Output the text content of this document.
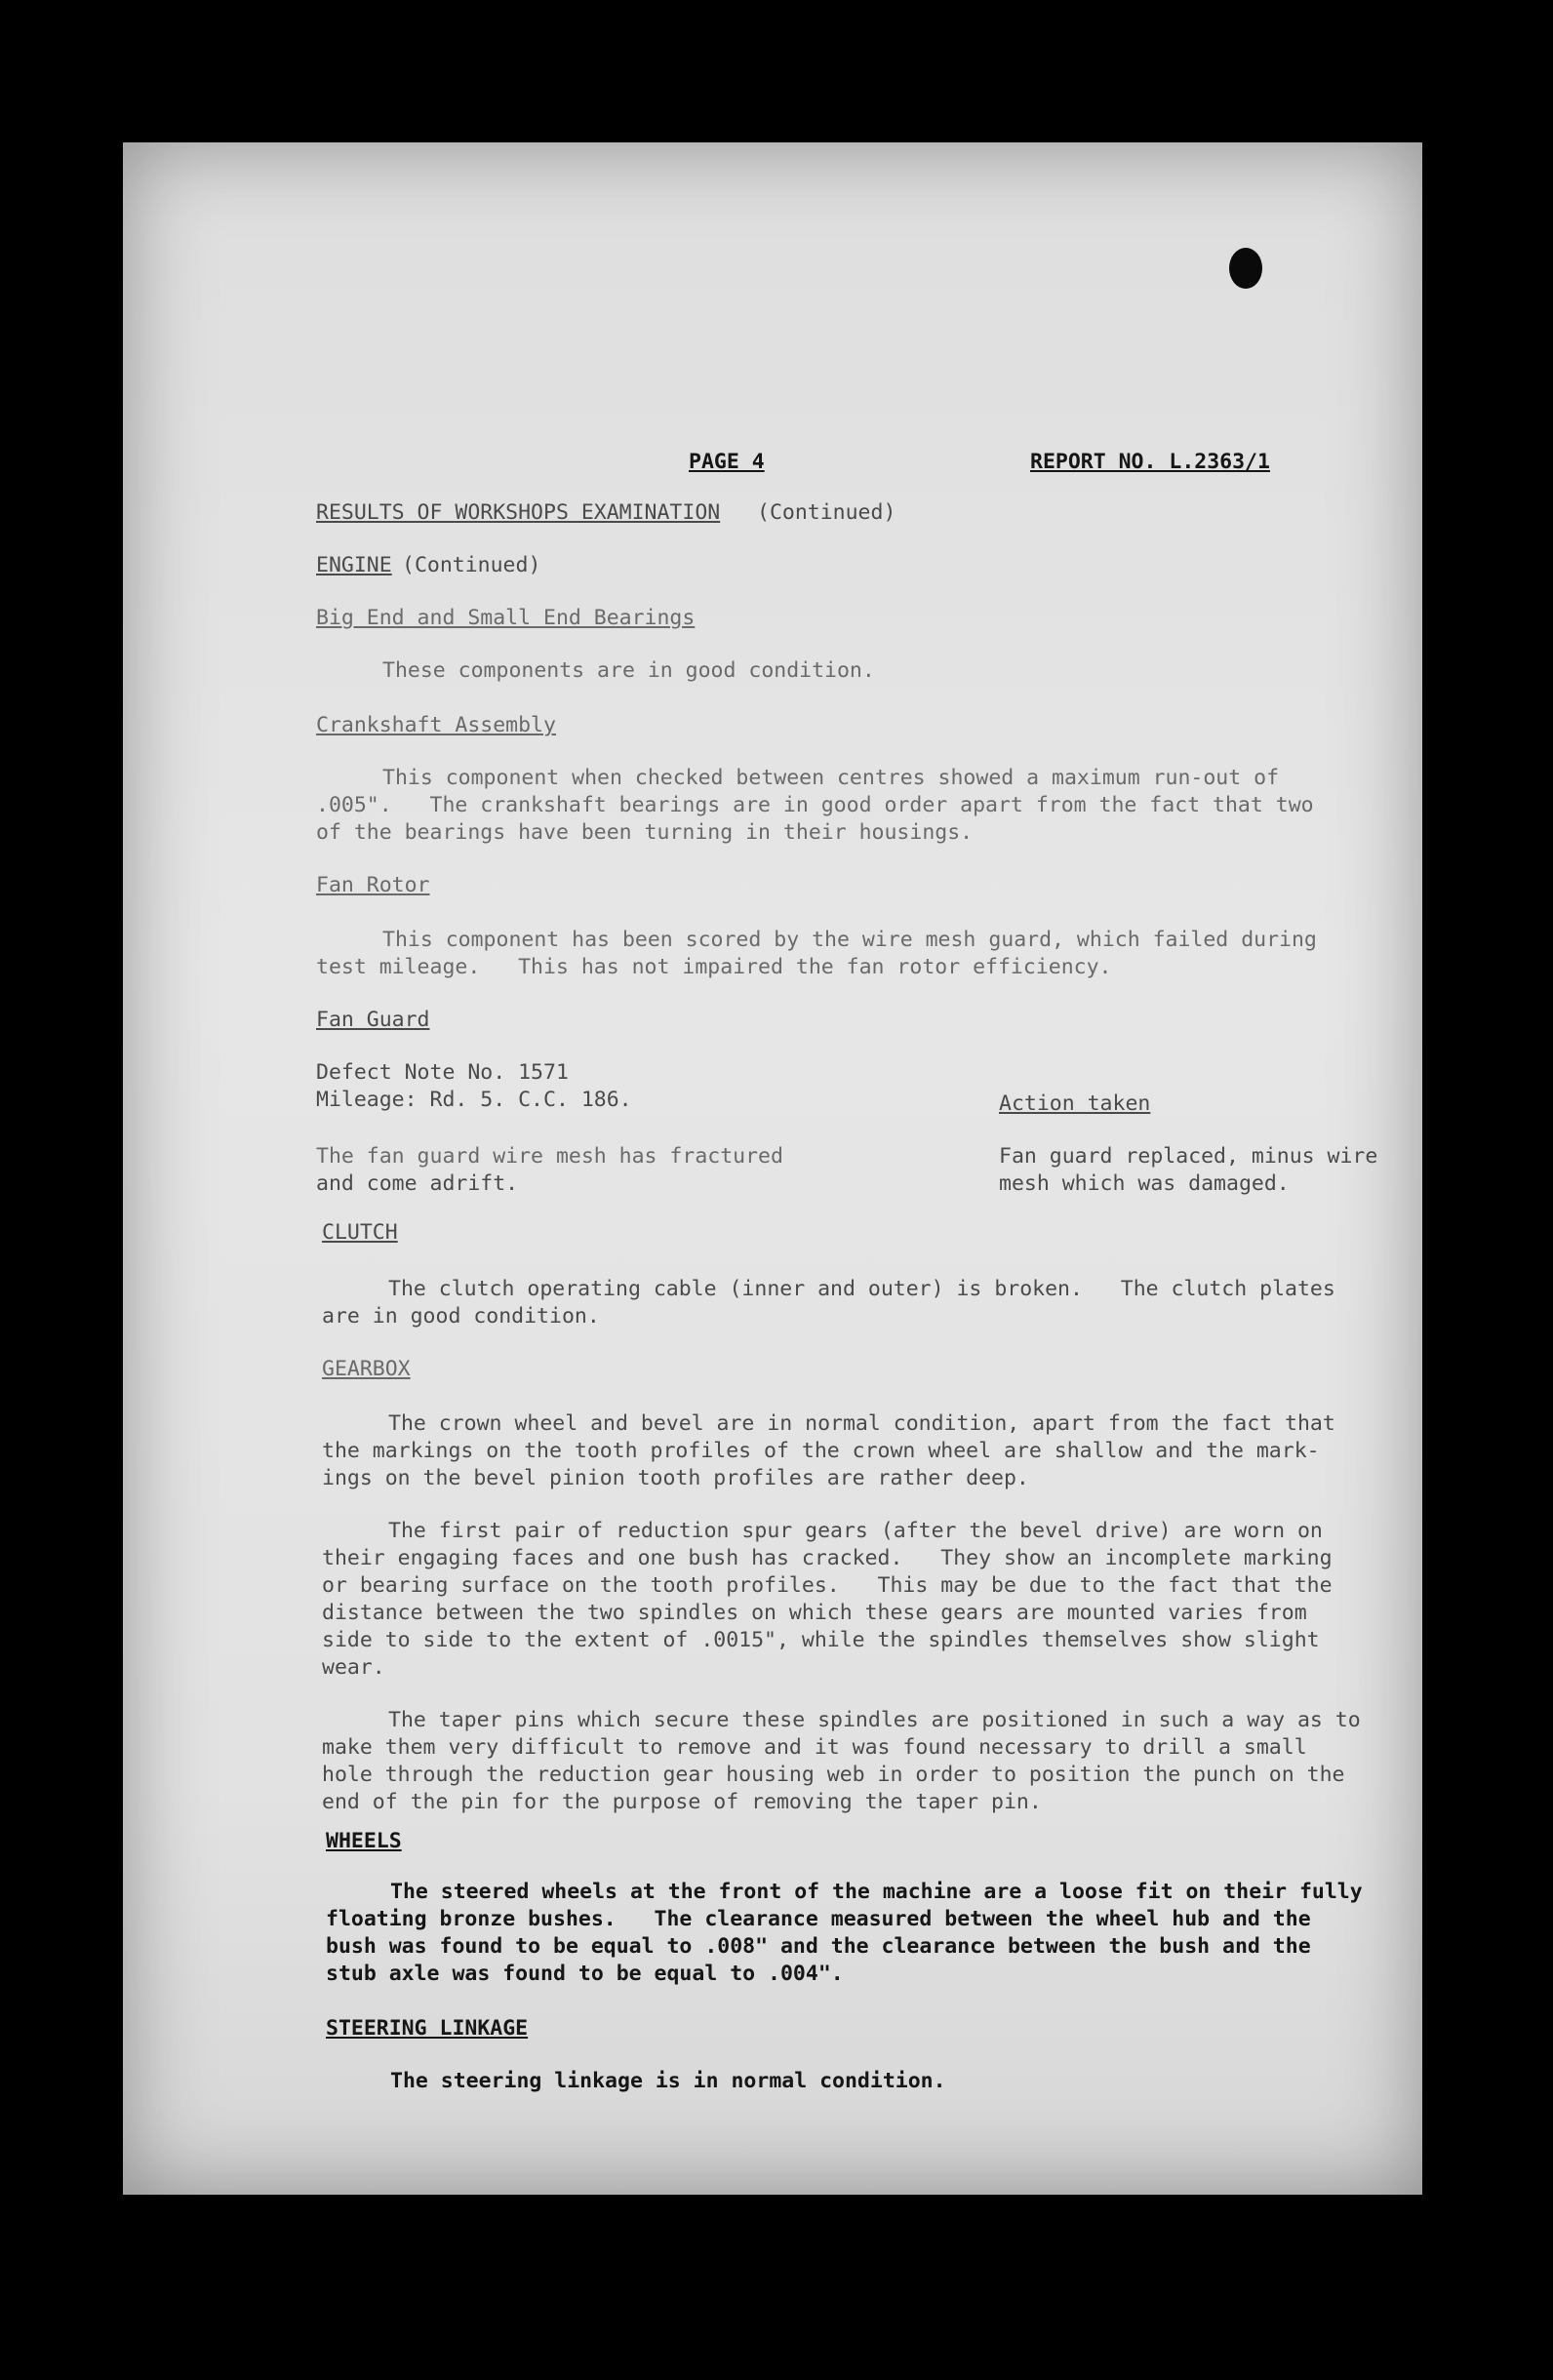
PAGE 4	REPORT NO. L.2363/1

RESULTS OF WORKSHOPS EXAMINATION (Continued)

ENGINE (Continued)

Big End and Small End Bearings

These components are in good condition.

Crankshaft Assembly

This component when checked between centres showed a maximum run-out of

.005".   The crankshaft bearings are in good order apart from the fact that two

of the bearings have been turning in their housings.

Fan Rotor

This component has been scored by the wire mesh guard, which failed during

test mileage.   This has not impaired the fan rotor efficiency.

Fan Guard

Defect Note No. 1571

Mileage: Rd. 5. C.C. 186.	Action taken

The fan guard wire mesh has fractured

and come adrift.

Fan guard replaced, minus wire

mesh which was damaged.

CLUTCH

The clutch operating cable (inner and outer) is broken.   The clutch plates

are in good condition.

GEARBOX

The crown wheel and bevel are in normal condition, apart from the fact that

the markings on the tooth profiles of the crown wheel are shallow and the mark-

ings on the bevel pinion tooth profiles are rather deep.

The first pair of reduction spur gears (after the bevel drive) are worn on

their engaging faces and one bush has cracked.   They show an incomplete marking

or bearing surface on the tooth profiles.   This may be due to the fact that the

distance between the two spindles on which these gears are mounted varies from

side to side to the extent of .0015", while the spindles themselves show slight

wear.

The taper pins which secure these spindles are positioned in such a way as to

make them very difficult to remove and it was found necessary to drill a small

hole through the reduction gear housing web in order to position the punch on the

end of the pin for the purpose of removing the taper pin.

WHEELS

The steered wheels at the front of the machine are a loose fit on their fully

floating bronze bushes.   The clearance measured between the wheel hub and the

bush was found to be equal to .008" and the clearance between the bush and the

stub axle was found to be equal to .004".

STEERING LINKAGE

The steering linkage is in normal condition.
